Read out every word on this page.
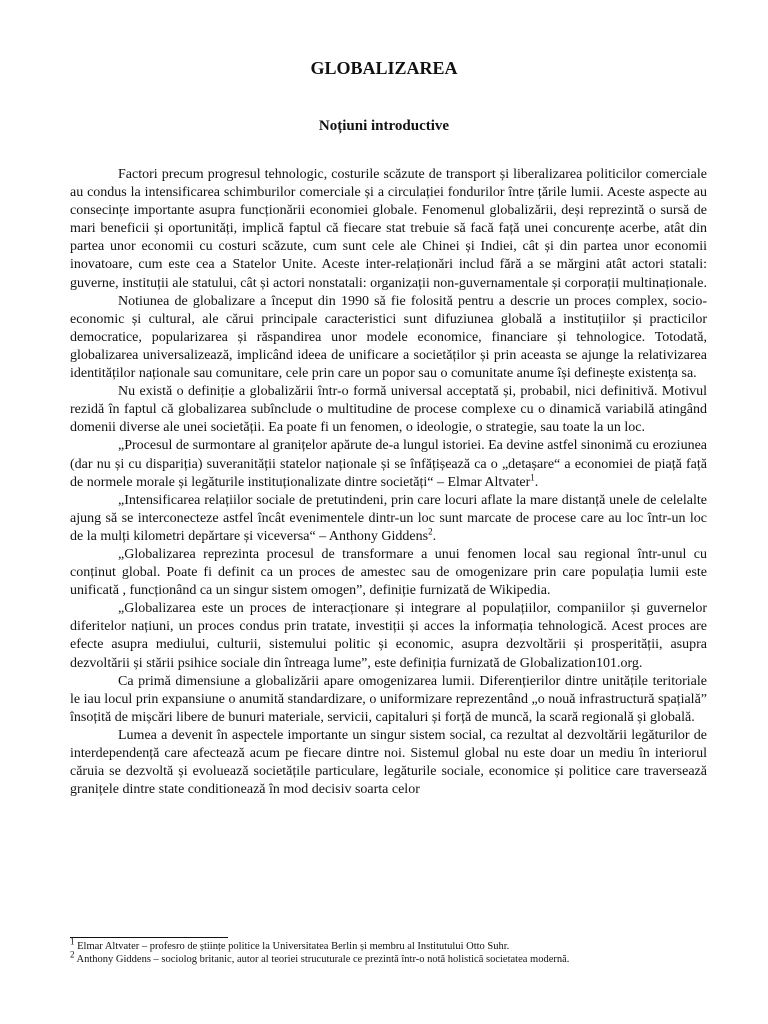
GLOBALIZAREA
Noțiuni introductive

Factori precum progresul tehnologic, costurile scăzute de transport și liberalizarea politicilor comerciale au condus la intensificarea schimburilor comerciale și a circulației fondurilor între țările lumii. Aceste aspecte au consecințe importante asupra funcționării economiei globale. Fenomenul globalizării, deși reprezintă o sursă de mari beneficii și oportunități, implică faptul că fiecare stat trebuie să facă față unei concurențe acerbe, atât din partea unor economii cu costuri scăzute, cum sunt cele ale Chinei și Indiei, cât și din partea unor economii inovatoare, cum este cea a Statelor Unite. Aceste inter-relaționări includ fără a se mărgini atât actori statali: guverne, instituții ale statului, cât și actori nonstatali: organizații non-guvernamentale și corporații multinaționale.

Notiunea de globalizare a început din 1990 să fie folosită pentru a descrie un proces complex, socio-economic și cultural, ale cărui principale caracteristici sunt difuziunea globală a instituțiilor și practicilor democratice, popularizarea și răspandirea unor modele economice, financiare și tehnologice. Totodată, globalizarea universalizează, implicând ideea de unificare a societăților și prin aceasta se ajunge la relativizarea identităților naționale sau comunitare, cele prin care un popor sau o comunitate anume își definește existența sa.

Nu există o definiție a globalizării într-o formă universal acceptată și, probabil, nici definitivă. Motivul rezidă în faptul că globalizarea subînclude o multitudine de procese complexe cu o dinamică variabilă atingând domenii diverse ale unei societății. Ea poate fi un fenomen, o ideologie, o strategie, sau toate la un loc.

„Procesul de surmontare al granițelor apărute de-a lungul istoriei. Ea devine astfel sinonimă cu eroziunea (dar nu și cu dispariția) suveranității statelor naționale și se înfățișează ca o „detașare“ a economiei de piață față de normele morale și legăturile instituționalizate dintre societăți“ – Elmar Altvater$^1$.

„Intensificarea relațiilor sociale de pretutindeni, prin care locuri aflate la mare distanță unele de celelalte ajung să se interconecteze astfel încât evenimentele dintr-un loc sunt marcate de procese care au loc într-un loc de la mulți kilometri depărtare și viceversa“ – Anthony Giddens$^2$.

„Globalizarea reprezinta procesul de transformare a unui fenomen local sau regional într-unul cu conținut global. Poate fi definit ca un proces de amestec sau de omogenizare prin care populația lumii este unificată , funcționând ca un singur sistem omogen”, definiție furnizată de Wikipedia.

„Globalizarea este un proces de interacționare și integrare al populațiilor, companiilor și guvernelor diferitelor națiuni, un proces condus prin tratate, investiții și acces la informația tehnologică. Acest proces are efecte asupra mediului, culturii, sistemului politic și economic, asupra dezvoltării și prosperității, asupra dezvoltării și stării psihice sociale din întreaga lume”, este definiția furnizată de Globalization101.org.

Ca primă dimensiune a globalizării apare omogenizarea lumii. Diferențierilor dintre unitățile teritoriale le iau locul prin expansiune o anumită standardizare, o uniformizare reprezentând „o nouă infrastructură spațială” însoțită de mișcări libere de bunuri materiale, servicii, capitaluri și forță de muncă, la scară regională și globală.

Lumea a devenit în aspectele importante un singur sistem social, ca rezultat al dezvoltării legăturilor de interdependență care afectează acum pe fiecare dintre noi. Sistemul global nu este doar un mediu în interiorul căruia se dezvoltă și evoluează societățile particulare, legăturile sociale, economice și politice care traversează granițele dintre state conditionează în mod decisiv soarta celor

$^1$ Elmar Altvater – profesro de științe politice la Universitatea Berlin și membru al Institutului Otto Suhr.
$^2$ Anthony Giddens – sociolog britanic, autor al teoriei strucuturale ce prezintă într-o notă holistică societatea modernă.
